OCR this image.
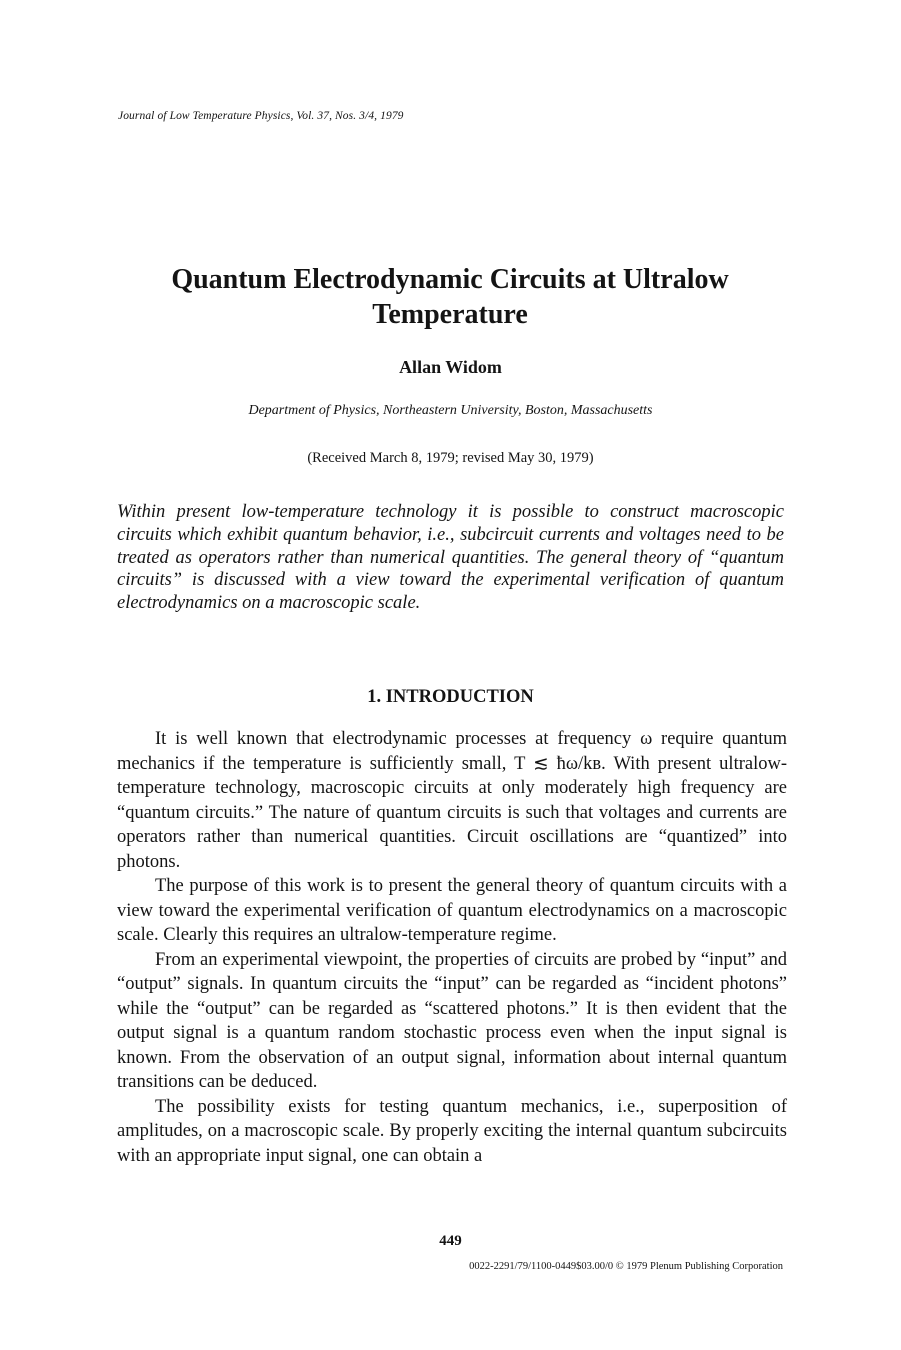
Journal of Low Temperature Physics, Vol. 37, Nos. 3/4, 1979
Quantum Electrodynamic Circuits at Ultralow Temperature
Allan Widom
Department of Physics, Northeastern University, Boston, Massachusetts
(Received March 8, 1979; revised May 30, 1979)

Within present low-temperature technology it is possible to construct macroscopic circuits which exhibit quantum behavior, i.e., subcircuit currents and voltages need to be treated as operators rather than numerical quantities. The general theory of “quantum circuits” is discussed with a view toward the experimental verification of quantum electrodynamics on a macroscopic scale.

1. INTRODUCTION

It is well known that electrodynamic processes at frequency ω require quantum mechanics if the temperature is sufficiently small, T ≲ ħω/kʙ. With present ultralow-temperature technology, macroscopic circuits at only moderately high frequency are “quantum circuits.” The nature of quantum circuits is such that voltages and currents are operators rather than numerical quantities. Circuit oscillations are “quantized” into photons.

The purpose of this work is to present the general theory of quantum circuits with a view toward the experimental verification of quantum electrodynamics on a macroscopic scale. Clearly this requires an ultralow-temperature regime.

From an experimental viewpoint, the properties of circuits are probed by “input” and “output” signals. In quantum circuits the “input” can be regarded as “incident photons” while the “output” can be regarded as “scattered photons.” It is then evident that the output signal is a quantum random stochastic process even when the input signal is known. From the observation of an output signal, information about internal quantum transitions can be deduced.

The possibility exists for testing quantum mechanics, i.e., superposition of amplitudes, on a macroscopic scale. By properly exciting the internal quantum subcircuits with an appropriate input signal, one can obtain a

449
0022-2291/79/1100-0449$03.00/0 © 1979 Plenum Publishing Corporation
